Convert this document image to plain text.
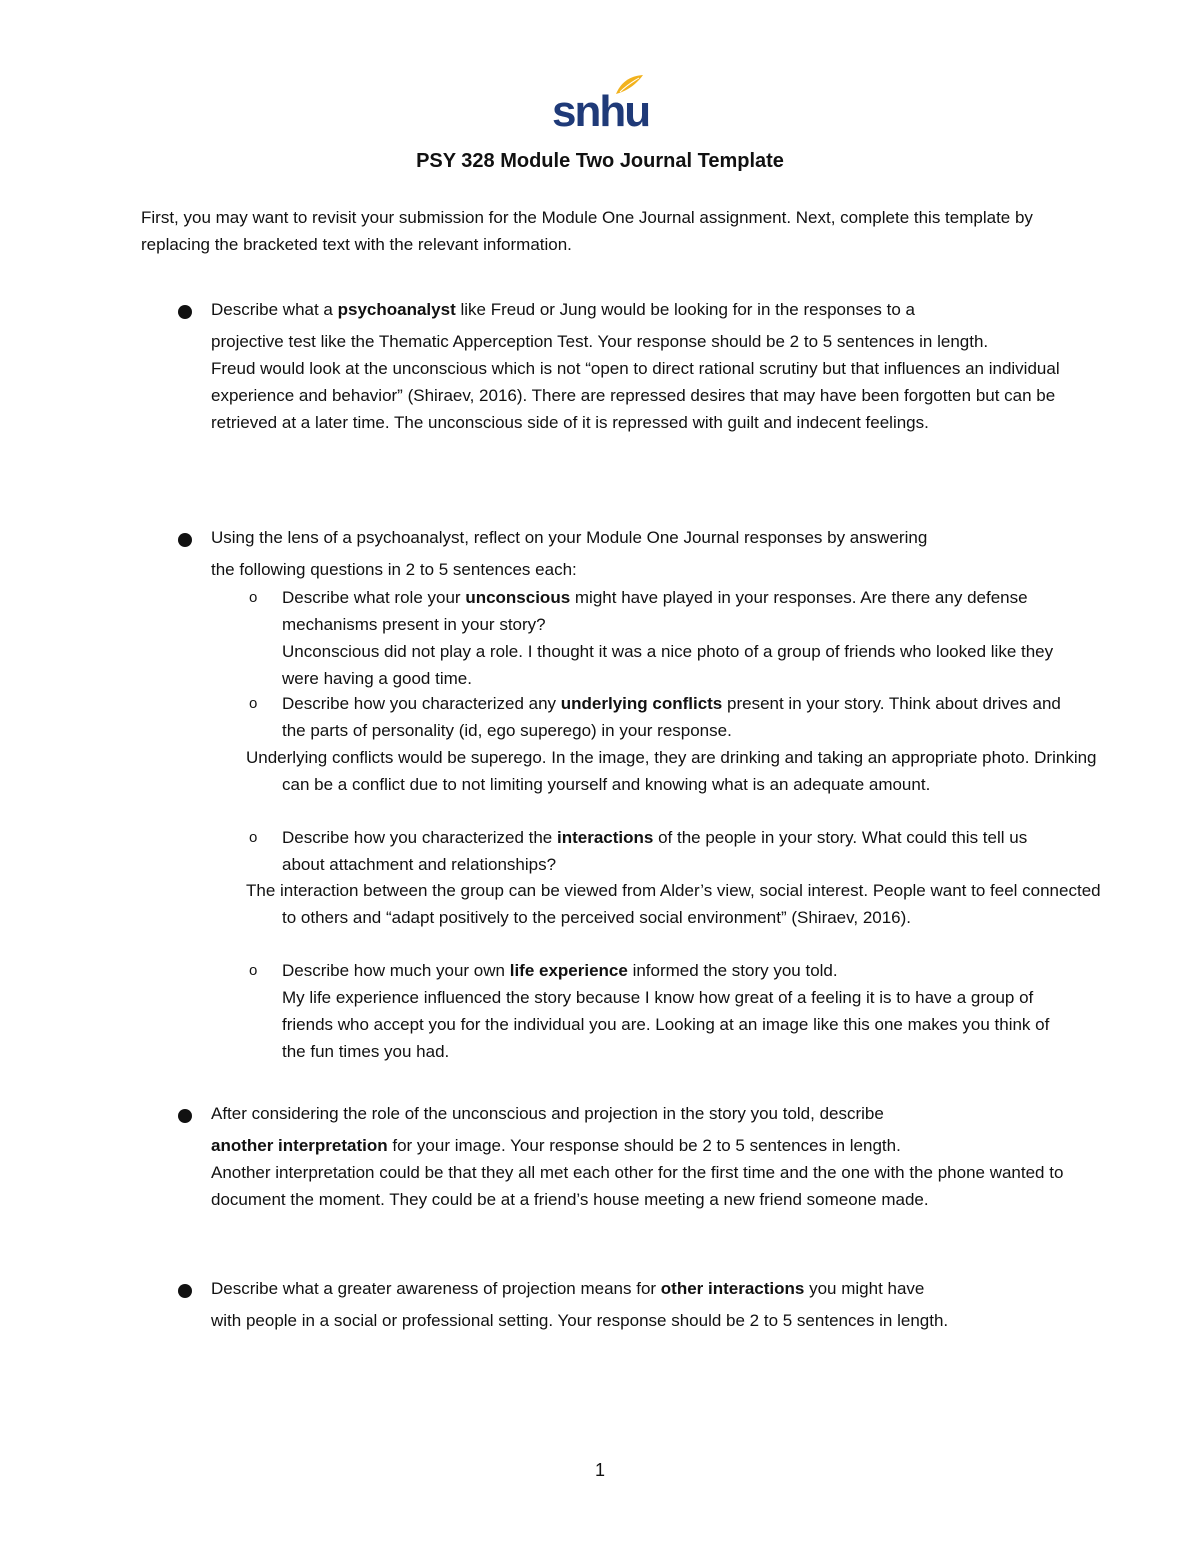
snhu
PSY 328 Module Two Journal Template
First, you may want to revisit your submission for the Module One Journal assignment. Next, complete this template by replacing the bracketed text with the relevant information.
Describe what a psychoanalyst like Freud or Jung would be looking for in the responses to a
projective test like the Thematic Apperception Test. Your response should be 2 to 5 sentences in length.
Freud would look at the unconscious which is not “open to direct rational scrutiny but that influences an individual experience and behavior” (Shiraev, 2016). There are repressed desires that may have been forgotten but can be retrieved at a later time. The unconscious side of it is repressed with guilt and indecent feelings.
Using the lens of a psychoanalyst, reflect on your Module One Journal responses by answering
the following questions in 2 to 5 sentences each:
o Describe what role your unconscious might have played in your responses. Are there any defense mechanisms present in your story?
Unconscious did not play a role. I thought it was a nice photo of a group of friends who looked like they were having a good time.
o Describe how you characterized any underlying conflicts present in your story. Think about drives and the parts of personality (id, ego superego) in your response.
Underlying conflicts would be superego. In the image, they are drinking and taking an appropriate photo. Drinking can be a conflict due to not limiting yourself and knowing what is an adequate amount.
o Describe how you characterized the interactions of the people in your story. What could this tell us about attachment and relationships?
The interaction between the group can be viewed from Alder’s view, social interest. People want to feel connected to others and “adapt positively to the perceived social environment” (Shiraev, 2016).
o Describe how much your own life experience informed the story you told.
My life experience influenced the story because I know how great of a feeling it is to have a group of friends who accept you for the individual you are. Looking at an image like this one makes you think of the fun times you had.
After considering the role of the unconscious and projection in the story you told, describe
another interpretation for your image. Your response should be 2 to 5 sentences in length.
Another interpretation could be that they all met each other for the first time and the one with the phone wanted to document the moment. They could be at a friend’s house meeting a new friend someone made.
Describe what a greater awareness of projection means for other interactions you might have
with people in a social or professional setting. Your response should be 2 to 5 sentences in length.
1
